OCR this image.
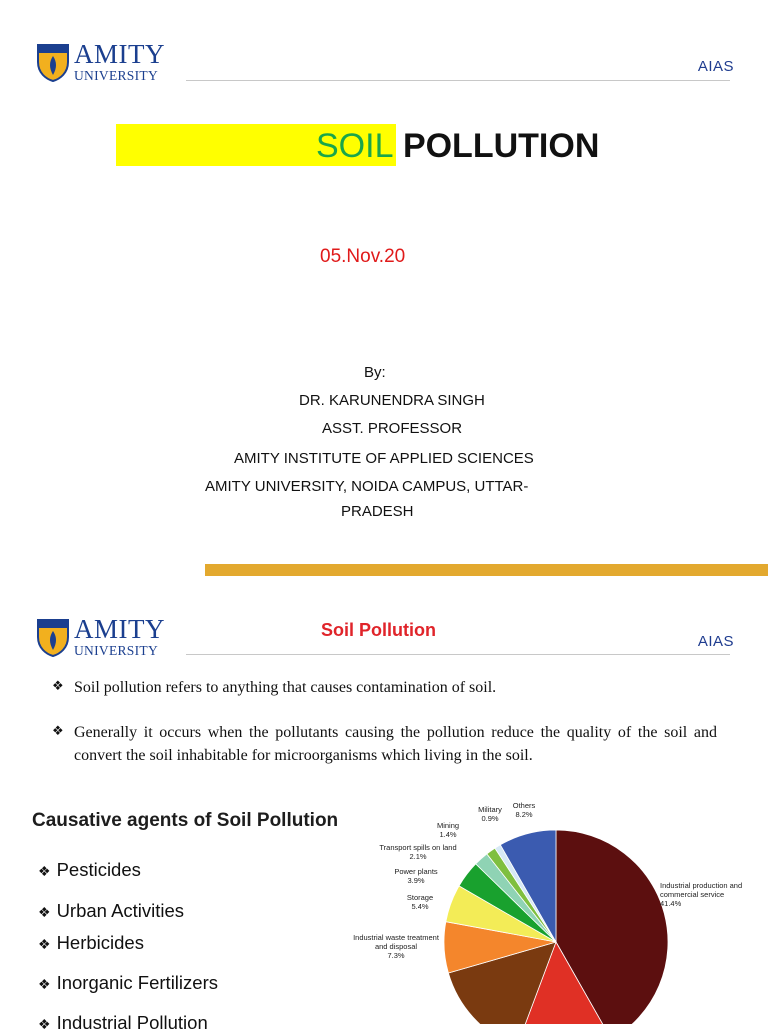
AMITY
UNIVERSITY
AIAS
SOIL POLLUTION
05.Nov.20
By:
DR. KARUNENDRA SINGH
ASST. PROFESSOR
AMITY INSTITUTE OF APPLIED SCIENCES
AMITY UNIVERSITY, NOIDA CAMPUS, UTTAR-
PRADESH
AMITY
UNIVERSITY
AIAS
Soil Pollution
❖ Soil pollution refers to anything that causes contamination of soil.
❖ Generally it occurs when the pollutants causing the pollution reduce the quality of the soil and convert the soil inhabitable for microorganisms which living in the soil.
Causative agents of Soil Pollution
❖ Pesticides
❖ Urban Activities
❖ Herbicides
❖ Inorganic Fertilizers
❖ Industrial Pollution
Industrial production and commercial service 41.4%
Industrial waste treatment and disposal 7.3%
Storage 5.4%
Power plants 3.9%
Transport spills on land 2.1%
Mining 1.4%
Military 0.9%
Others 8.2%
